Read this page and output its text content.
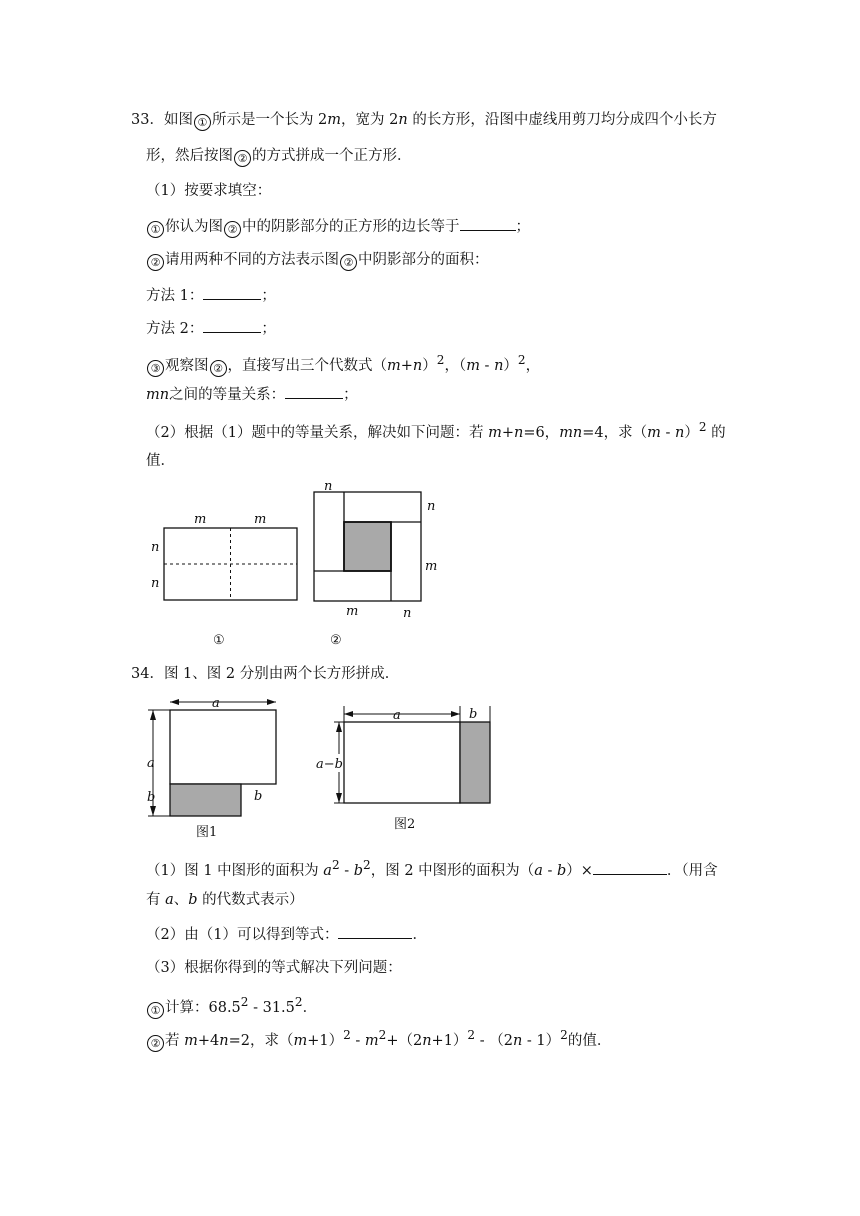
33．如图 ① 所示是一个长为 2m，宽为 2n 的长方形，沿图中虚线用剪刀均分成四个小长方
形，然后按图 ② 的方式拼成一个正方形．
（1）按要求填空：
① 你认为图 ② 中的阴影部分的正方形的边长等于	；
② 请用两种不同的方法表示图 ② 中阴影部分的面积：
方法 1：	；
方法 2：	；
③ 观察图 ② ，直接写出三个代数式$(m+n)^2$，（m - n）$^2$，
mn之间的等量关系：	；
（2）根据（1）题中的等量关系，解决如下问题：若 m+n=6，mn=4，求（m - n）$^2$ 的
值．
m	m
n
n
①
n
n
m
m	n
②
34．图 1、图 2 分别由两个长方形拼成．
a
a
b	b
图1
a	b
a−b
图2
（1）图 1 中图形的面积为 $a^2 - b^2$，图 2 中图形的面积为（a - b）×	．（用含
有 a、b 的代数式表示）
（2）由（1）可以得到等式：	．
（3）根据你得到的等式解决下列问题：
① 计算：68.5$^2$ - 31.5$^2$．
② 若 m+4n=2，求$(m+1)^2 - m^2+(2n+1)^2 - (2n - 1)^2$的值．
